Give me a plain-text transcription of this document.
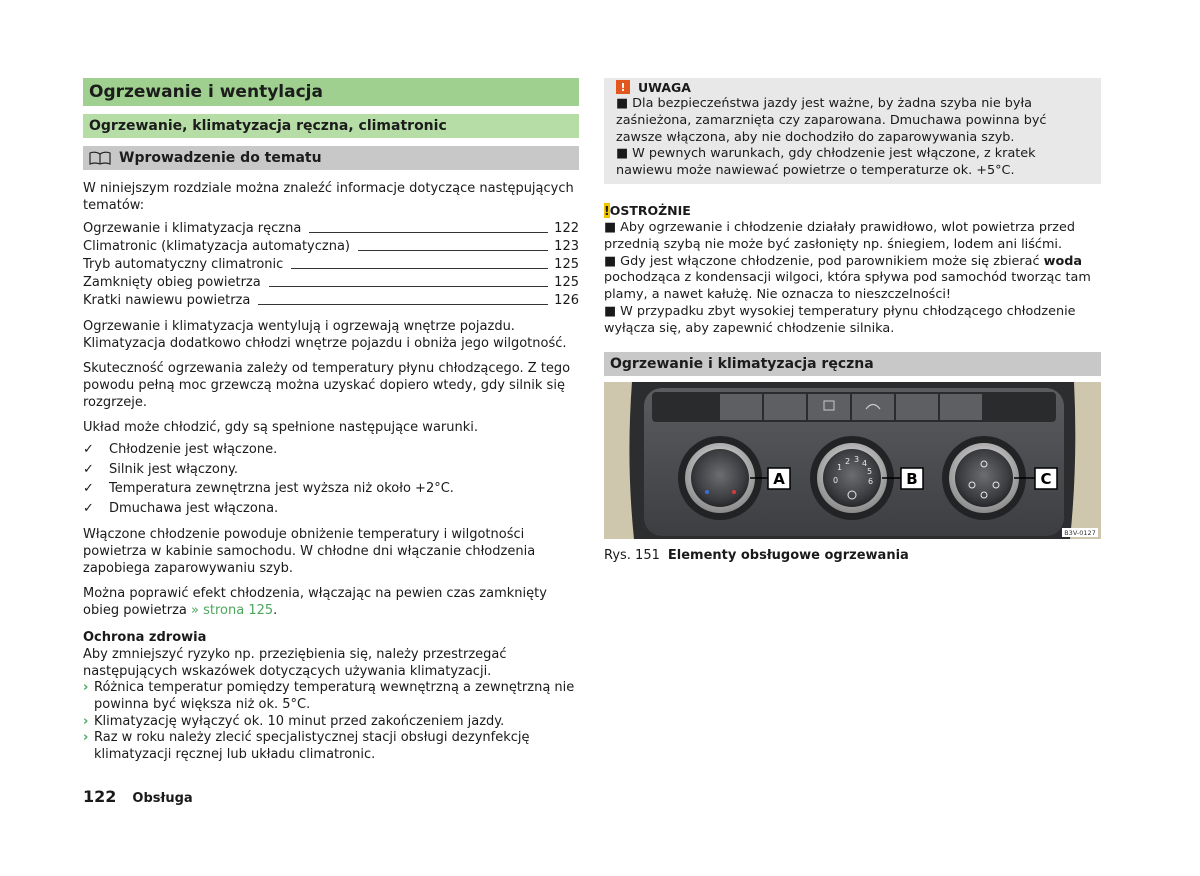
Ogrzewanie i wentylacja
Ogrzewanie, klimatyzacja ręczna, climatronic
Wprowadzenie do tematu

W niniejszym rozdziale można znaleźć informacje dotyczące następujących tematów:

Ogrzewanie i klimatyzacja ręczna	122
Climatronic (klimatyzacja automatyczna)	123
Tryb automatyczny climatronic	125
Zamknięty obieg powietrza	125
Kratki nawiewu powietrza	126

Ogrzewanie i klimatyzacja wentylują i ogrzewają wnętrze pojazdu. Klimatyzacja dodatkowo chłodzi wnętrze pojazdu i obniża jego wilgotność.

Skuteczność ogrzewania zależy od temperatury płynu chłodzącego. Z tego powodu pełną moc grzewczą można uzyskać dopiero wtedy, gdy silnik się rozgrzeje.

Układ może chłodzić, gdy są spełnione następujące warunki.

✓	Chłodzenie jest włączone.
✓	Silnik jest włączony.
✓	Temperatura zewnętrzna jest wyższa niż około +2°C.
✓	Dmuchawa jest włączona.

Włączone chłodzenie powoduje obniżenie temperatury i wilgotności powietrza w kabinie samochodu. W chłodne dni włączanie chłodzenia zapobiega zaparowywaniu szyb.

Można poprawić efekt chłodzenia, włączając na pewien czas zamknięty obieg powietrza » strona 125.

Ochrona zdrowia

Aby zmniejszyć ryzyko np. przeziębienia się, należy przestrzegać następujących wskazówek dotyczących używania klimatyzacji.

› Różnica temperatur pomiędzy temperaturą wewnętrzną a zewnętrzną nie powinna być większa niż ok. 5°C.
› Klimatyzację wyłączyć ok. 10 minut przed zakończeniem jazdy.
› Raz w roku należy zlecić specjalistycznej stacji obsługi dezynfekcję klimatyzacji ręcznej lub układu climatronic.
122 Obsługa
! UWAGA

■ Dla bezpieczeństwa jazdy jest ważne, by żadna szyba nie była zaśnieżona, zamarznięta czy zaparowana. Dmuchawa powinna być zawsze włączona, aby nie dochodziło do zaparowywania szyb.

■ W pewnych warunkach, gdy chłodzenie jest włączone, z kratek nawiewu może nawiewać powietrze o temperaturze ok. +5°C.

! OSTROŻNIE

■ Aby ogrzewanie i chłodzenie działały prawidłowo, wlot powietrza przed przednią szybą nie może być zasłonięty np. śniegiem, lodem ani liśćmi.

■ Gdy jest włączone chłodzenie, pod parownikiem może się zbierać woda pochodząca z kondensacji wilgoci, która spływa pod samochód tworząc tam plamy, a nawet kałużę. Nie oznacza to nieszczelności!

■ W przypadku zbyt wysokiej temperatury płynu chłodzącego chłodzenie wyłącza się, aby zapewnić chłodzenie silnika.

Ogrzewanie i klimatyzacja ręczna
0
1
2 3 4
5
6
A	B	C
B3V-0127
Rys. 151 Elementy obsługowe ogrzewania
